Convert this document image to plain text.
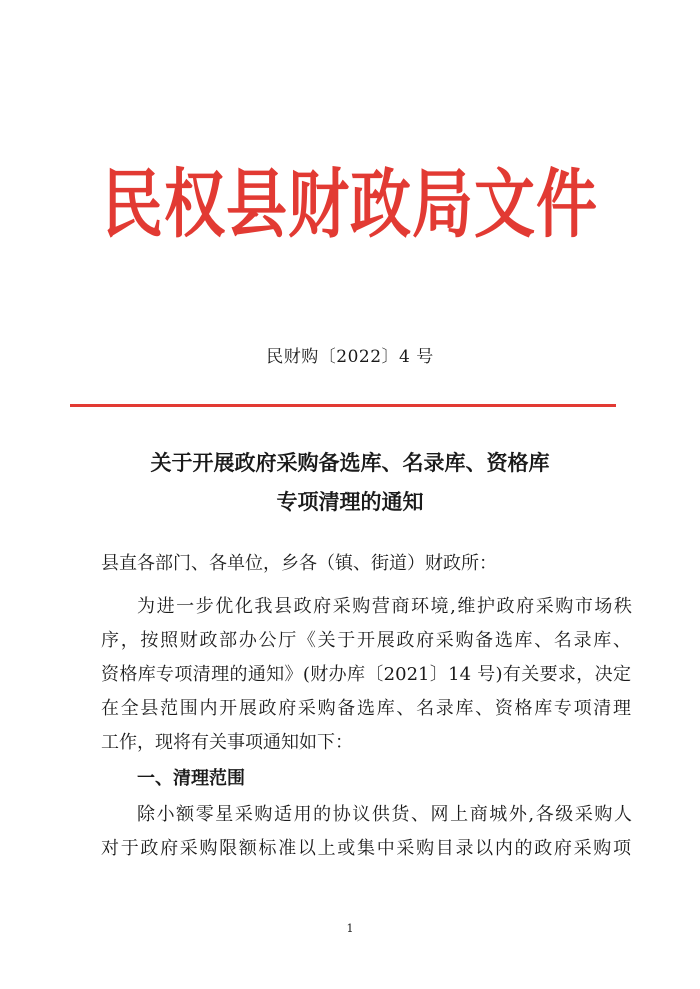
民权县财政局文件
民财购〔2022〕4 号
关于开展政府采购备选库、名录库、资格库
专项清理的通知
县直各部门、各单位，乡各（镇、街道）财政所：
为进一步优化我县政府采购营商环境,维护政府采购市场秩
序，按照财政部办公厅《关于开展政府采购备选库、名录库、
资格库专项清理的通知》(财办库〔2021〕14 号)有关要求，决定
在全县范围内开展政府采购备选库、名录库、资格库专项清理
工作，现将有关事项通知如下：
一、清理范围
除小额零星采购适用的协议供货、网上商城外,各级采购人
对于政府采购限额标准以上或集中采购目录以内的政府采购项
1
